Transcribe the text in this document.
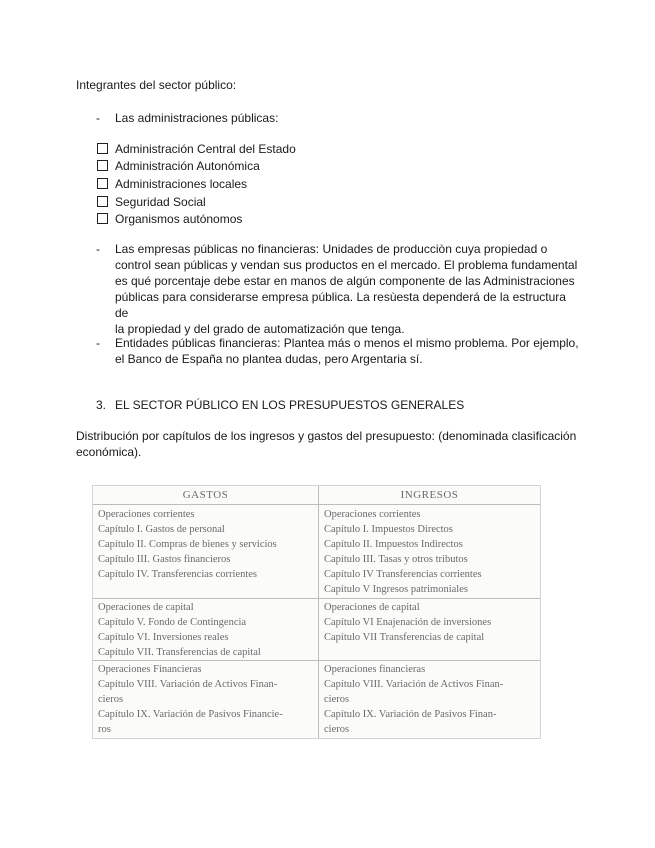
Integrantes del sector público:
- Las administraciones públicas:
Administración Central del Estado
Administración Autonómica
Administraciones locales
Seguridad Social
Organismos autónomos
- Las empresas públicas no financieras: Unidades de producciòn cuya propiedad o
control sean públicas y vendan sus productos en el mercado. El problema fundamental
es qué porcentaje debe estar en manos de algún componente de las Administraciones
públicas para considerarse empresa pública. La resùesta dependerá de la estructura de
la propiedad y del grado de automatización que tenga.
- Entidades públicas financieras: Plantea más o menos el mismo problema. Por ejemplo,
el Banco de España no plantea dudas, pero Argentaria sí.
3. EL SECTOR PÚBLICO EN LOS PRESUPUESTOS GENERALES
Distribución por capítulos de los ingresos y gastos del presupuesto: (denominada clasificación
económica).
GASTOS	INGRESOS
Operaciones corrientes
Capítulo I. Gastos de personal
Capítulo II. Compras de bienes y servicios
Capítulo III. Gastos financieros
Capítulo IV. Transferencias corrientes
Operaciones corrientes
Capítulo I. Impuestos Directos
Capítulo II. Impuestos Indirectos
Capítulo III. Tasas y otros tributos
Capítulo IV Transferencias corrientes
Capítulo V Ingresos patrimoniales
Operaciones de capital
Capítulo V. Fondo de Contingencia
Capítulo VI. Inversiones reales
Capítulo VII. Transferencias de capital
Operaciones de capital
Capítulo VI Enajenación de inversiones
Capítulo VII Transferencias de capital
Operaciones Financieras
Capítulo VIII. Variación de Activos Finan-
cieros
Capítulo IX. Variación de Pasivos Financie-
ros
Operaciones financieras
Capítulo VIII. Variación de Activos Finan-
cieros
Capítulo IX. Variación de Pasivos Finan-
cieros
